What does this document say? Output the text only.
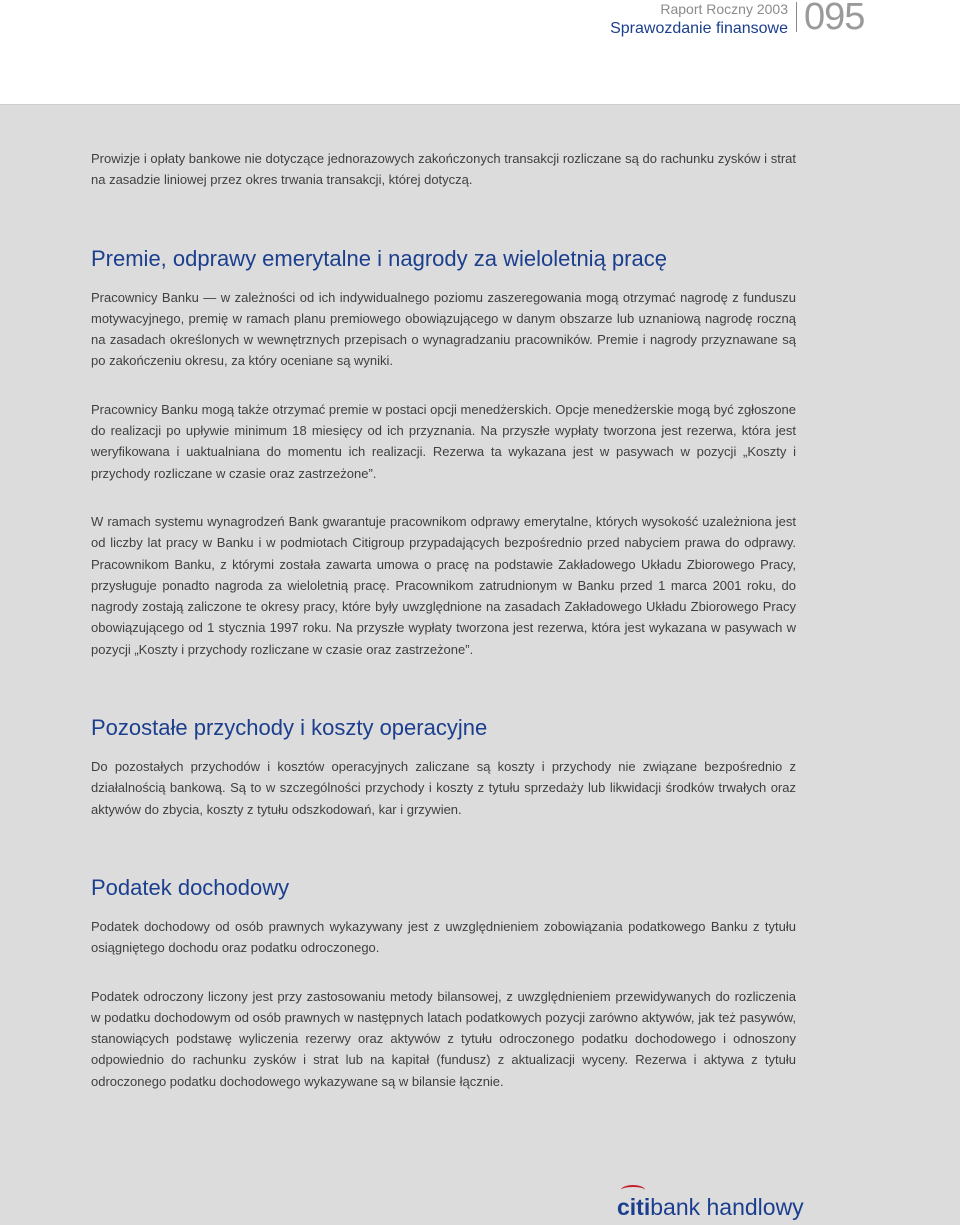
Raport Roczny 2003
Sprawozdanie finansowe 095

Prowizje i opłaty bankowe nie dotyczące jednorazowych zakończonych transakcji rozliczane są do rachunku zysków i strat na zasadzie liniowej przez okres trwania transakcji, której dotyczą.

Premie, odprawy emerytalne i nagrody za wieloletnią pracę

Pracownicy Banku — w zależności od ich indywidualnego poziomu zaszeregowania mogą otrzymać nagrodę z funduszu motywacyjnego, premię w ramach planu premiowego obowiązującego w danym obszarze lub uznaniową nagrodę roczną na zasadach określonych w wewnętrznych przepisach o wynagradzaniu pracowników. Premie i nagrody przyznawane są po zakończeniu okresu, za który oceniane są wyniki.

Pracownicy Banku mogą także otrzymać premie w postaci opcji menedżerskich. Opcje menedżerskie mogą być zgłoszone do realizacji po upływie minimum 18 miesięcy od ich przyznania. Na przyszłe wypłaty tworzona jest rezerwa, która jest weryfikowana i uaktualniana do momentu ich realizacji. Rezerwa ta wykazana jest w pasywach w pozycji „Koszty i przychody rozliczane w czasie oraz zastrzeżone”.

W ramach systemu wynagrodzeń Bank gwarantuje pracownikom odprawy emerytalne, których wysokość uzależniona jest od liczby lat pracy w Banku i w podmiotach Citigroup przypadających bezpośrednio przed nabyciem prawa do odprawy. Pracownikom Banku, z którymi została zawarta umowa o pracę na podstawie Zakładowego Układu Zbiorowego Pracy, przysługuje ponadto nagroda za wieloletnią pracę. Pracownikom zatrudnionym w Banku przed 1 marca 2001 roku, do nagrody zostają zaliczone te okresy pracy, które były uwzględnione na zasadach Zakładowego Układu Zbiorowego Pracy obowiązującego od 1 stycznia 1997 roku. Na przyszłe wypłaty tworzona jest rezerwa, która jest wykazana w pasywach w pozycji „Koszty i przychody rozliczane w czasie oraz zastrzeżone”.

Pozostałe przychody i koszty operacyjne

Do pozostałych przychodów i kosztów operacyjnych zaliczane są koszty i przychody nie związane bezpośrednio z działalnością bankową. Są to w szczególności przychody i koszty z tytułu sprzedaży lub likwidacji środków trwałych oraz aktywów do zbycia, koszty z tytułu odszkodowań, kar i grzywien.

Podatek dochodowy

Podatek dochodowy od osób prawnych wykazywany jest z uwzględnieniem zobowiązania podatkowego Banku z tytułu osiągniętego dochodu oraz podatku odroczonego.

Podatek odroczony liczony jest przy zastosowaniu metody bilansowej, z uwzględnieniem przewidywanych do rozliczenia w podatku dochodowym od osób prawnych w następnych latach podatkowych pozycji zarówno aktywów, jak też pasywów, stanowiących podstawę wyliczenia rezerwy oraz aktywów z tytułu odroczonego podatku dochodowego i odnoszony odpowiednio do rachunku zysków i strat lub na kapitał (fundusz) z aktualizacji wyceny. Rezerwa i aktywa z tytułu odroczonego podatku dochodowego wykazywane są w bilansie łącznie.

citibank handlowy
